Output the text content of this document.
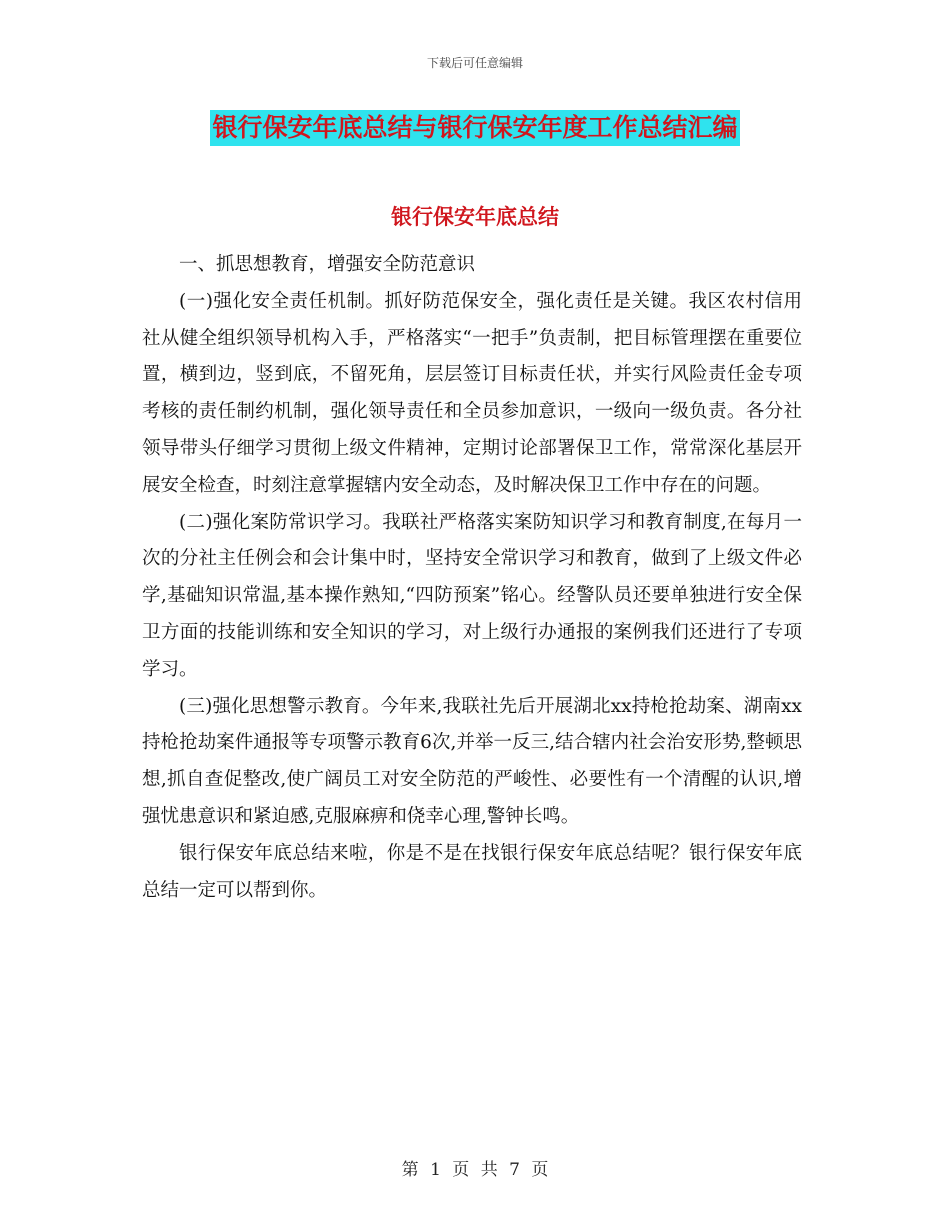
下载后可任意编辑
银行保安年底总结与银行保安年度工作总结汇编
银行保安年底总结

一、抓思想教育，增强安全防范意识

(一)强化安全责任机制。抓好防范保安全，强化责任是关键。我区农村信用社从健全组织领导机构入手，严格落实“一把手”负责制，把目标管理摆在重要位置，横到边，竖到底，不留死角，层层签订目标责任状，并实行风险责任金专项考核的责任制约机制，强化领导责任和全员参加意识，一级向一级负责。各分社领导带头仔细学习贯彻上级文件精神，定期讨论部署保卫工作，常常深化基层开展安全检查，时刻注意掌握辖内安全动态，及时解决保卫工作中存在的问题。

(二)强化案防常识学习。我联社严格落实案防知识学习和教育制度,在每月一次的分社主任例会和会计集中时，坚持安全常识学习和教育，做到了上级文件必学,基础知识常温,基本操作熟知,“四防预案”铭心。经警队员还要单独进行安全保卫方面的技能训练和安全知识的学习，对上级行办通报的案例我们还进行了专项学习。

(三)强化思想警示教育。今年来,我联社先后开展湖北xx持枪抢劫案、湖南xx持枪抢劫案件通报等专项警示教育6次,并举一反三,结合辖内社会治安形势,整顿思想,抓自查促整改,使广阔员工对安全防范的严峻性、必要性有一个清醒的认识,增强忧患意识和紧迫感,克服麻痹和侥幸心理,警钟长鸣。

银行保安年底总结来啦，你是不是在找银行保安年底总结呢？银行保安年底总结一定可以帮到你。

第 1 页 共 7 页
